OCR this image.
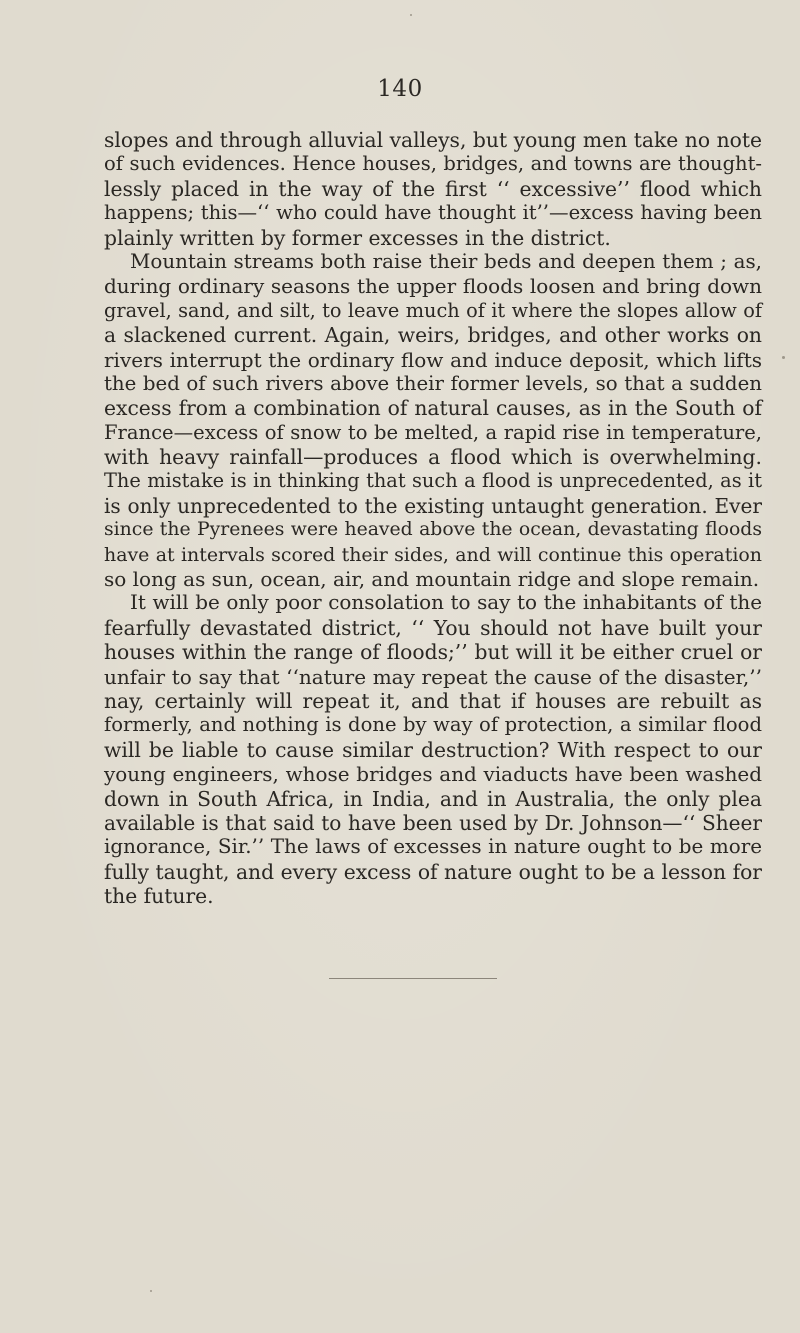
140
slopes and through alluvial valleys, but young men take no note
of such evidences. Hence houses, bridges, and towns are thought-
lessly placed in the way of the first ‘‘ excessive’’ flood which
happens; this—‘‘ who could have thought it’’—excess having been
plainly written by former excesses in the district.
Mountain streams both raise their beds and deepen them ; as,
during ordinary seasons the upper floods loosen and bring down
gravel, sand, and silt, to leave much of it where the slopes allow of
a slackened current. Again, weirs, bridges, and other works on
rivers interrupt the ordinary flow and induce deposit, which lifts
the bed of such rivers above their former levels, so that a sudden
excess from a combination of natural causes, as in the South of
France—excess of snow to be melted, a rapid rise in temperature,
with heavy rainfall—produces a flood which is overwhelming.
The mistake is in thinking that such a flood is unprecedented, as it
is only unprecedented to the existing untaught generation. Ever
since the Pyrenees were heaved above the ocean, devastating floods
have at intervals scored their sides, and will continue this operation
so long as sun, ocean, air, and mountain ridge and slope remain.
It will be only poor consolation to say to the inhabitants of the
fearfully devastated district, ‘‘ You should not have built your
houses within the range of floods;’’ but will it be either cruel or
unfair to say that ‘‘nature may repeat the cause of the disaster,’’
nay, certainly will repeat it, and that if houses are rebuilt as
formerly, and nothing is done by way of protection, a similar flood
will be liable to cause similar destruction? With respect to our
young engineers, whose bridges and viaducts have been washed
down in South Africa, in India, and in Australia, the only plea
available is that said to have been used by Dr. Johnson—‘‘ Sheer
ignorance, Sir.’’ The laws of excesses in nature ought to be more
fully taught, and every excess of nature ought to be a lesson for
the future.
